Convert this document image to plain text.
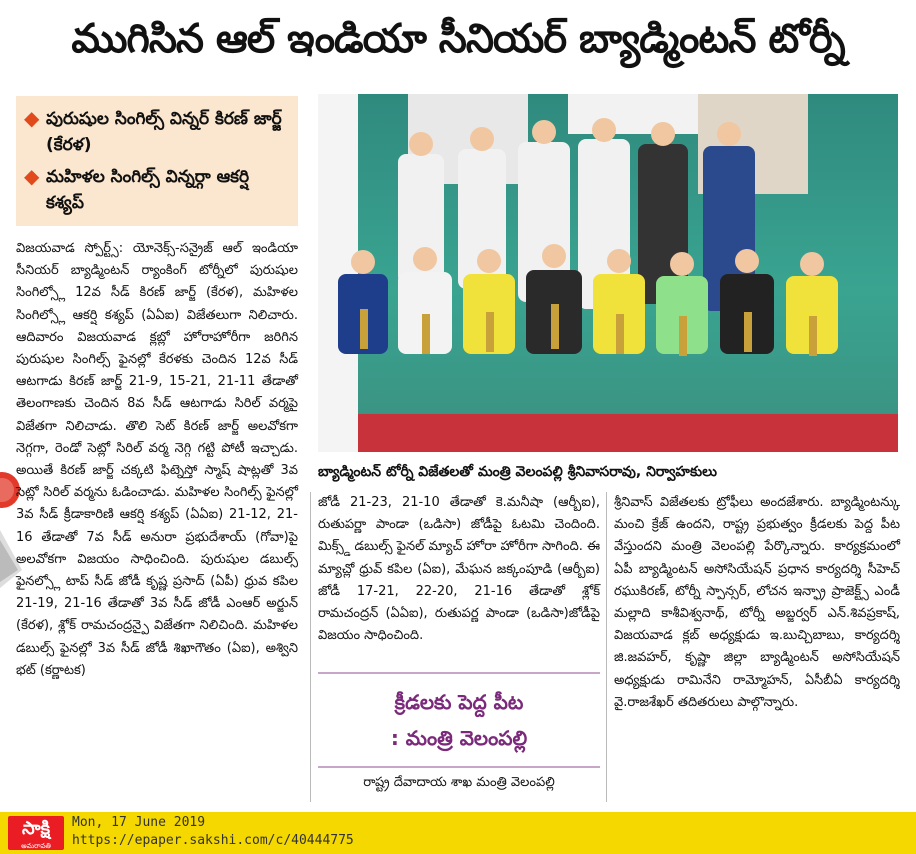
ముగిసిన ఆల్ ఇండియా సీనియర్ బ్యాడ్మింటన్ టోర్నీ
◆ పురుషుల సింగిల్స్ విన్నర్ కిరణ్ జార్జ్ (కేరళ)
◆ మహిళల సింగిల్స్ విన్నర్గా ఆకర్షి కశ్యప్

విజయవాడ స్పోర్ట్స్: యోనెక్స్-సన్రైజ్ ఆల్ ఇండియా సీనియర్ బ్యాడ్మింటన్ ర్యాంకింగ్ టోర్నీలో పురుషుల సింగిల్స్లో 12వ సీడ్ కిరణ్ జార్జ్ (కేరళ), మహిళల సింగిల్స్లో ఆకర్షి కశ్యప్ (ఏఏఐ) విజేతలుగా నిలిచారు. ఆదివారం విజయవాడ క్లబ్లో హోరాహోరీగా జరిగిన పురుషుల సింగిల్స్ ఫైనల్లో కేరళకు చెందిన 12వ సీడ్ ఆటగాడు కిరణ్ జార్జ్ 21-9, 15-21, 21-11 తేడాతో తెలంగాణకు చెందిన 8వ సీడ్ ఆటగాడు సిరిల్ వర్మపై విజేతగా నిలిచాడు. తొలి సెట్ కిరణ్ జార్జ్ అలవోకగా నెగ్గగా, రెండో సెట్లో సిరిల్ వర్మ నెగ్గి గట్టి పోటీ ఇచ్చాడు. అయితే కిరణ్ జార్జ్ చక్కటి ఫిట్నెస్తో స్మాష్ షాట్లతో 3వ సెట్లో సిరిల్ వర్మను ఓడించాడు. మహిళల సింగిల్స్ ఫైనల్లో 3వ సీడ్ క్రీడాకారిణి ఆకర్షి కశ్యప్ (ఏఏఐ) 21-12, 21-16 తేడాతో 7వ సీడ్ అనురా ప్రభుదేశాయ్ (గోవా)పై అలవోకగా విజయం సాధించింది. పురుషుల డబుల్స్ ఫైనల్స్లో టాప్ సీడ్ జోడీ కృష్ణ ప్రసాద్ (ఏపీ) ధ్రువ కపిల 21-19, 21-16 తేడాతో 3వ సీడ్ జోడీ ఎంఆర్ అర్జున్ (కేరళ), శ్లోక్ రామచంద్రన్పై విజేతగా నిలిచింది. మహిళల డబుల్స్ ఫైనల్లో 3వ సీడ్ జోడీ శిఖాగౌతం (ఏఐ), అశ్విని భట్ (కర్ణాటక)

బ్యాడ్మింటన్ టోర్నీ విజేతలతో మంత్రి వెలంపల్లి శ్రీనివాసరావు, నిర్వాహకులు

జోడీ 21-23, 21-10 తేడాతో కె.మనీషా (ఆర్బీఐ), రుతుపర్ణా పాండా (ఒడిసా) జోడీపై ఓటమి చెందింది. మిక్స్డ్ డబుల్స్ ఫైనల్ మ్యాచ్ హోరా హోరీగా సాగింది. ఈ మ్యాచ్లో ధ్రువ్ కపిల (ఏఐ), మేఘన జక్కంపూడి (ఆర్బీఐ) జోడీ 17-21, 22-20, 21-16 తేడాతో శ్లోక్ రామచంద్రన్ (ఏఏఐ), రుతుపర్ణ పాండా (ఒడిసా)జోడీపై విజయం సాధించింది.

క్రీడలకు పెద్ద పీట
: మంత్రి వెలంపల్లి
రాష్ట్ర దేవాదాయ శాఖ మంత్రి వెలంపల్లి

శ్రీనివాస్ విజేతలకు ట్రోఫీలు అందజేశారు. బ్యాడ్మింటన్కు మంచి క్రేజ్ ఉందని, రాష్ట్ర ప్రభుత్వం క్రీడలకు పెద్ద పీట వేస్తుందని మంత్రి వెలంపల్లి పేర్కొన్నారు. కార్యక్రమంలో ఏపీ బ్యాడ్మింటన్ అసోసియేషన్ ప్రధాన కార్యదర్శి సీహెచ్ రఘుకిరణ్, టోర్నీ స్పాన్సర్, లోచన ఇన్ఫ్రా ప్రాజెక్ట్స్ ఎండీ మల్లాది కాశీవిశ్వనాథ్, టోర్నీ అబ్జర్వర్ ఎన్.శివప్రకాష్, విజయవాడ క్లబ్ అధ్యక్షుడు ఇ.బుచ్చిబాబు, కార్యదర్శి జి.జవహర్, కృష్ణా జిల్లా బ్యాడ్మింటన్ అసోసియేషన్ అధ్యక్షుడు రామినేని రామ్మోహన్, ఏసీబీఏ కార్యదర్శి వై.రాజశేఖర్ తదితరులు పాల్గొన్నారు.

సాక్షి
అమరావతి
Mon, 17 June 2019
https://epaper.sakshi.com/c/40444775
